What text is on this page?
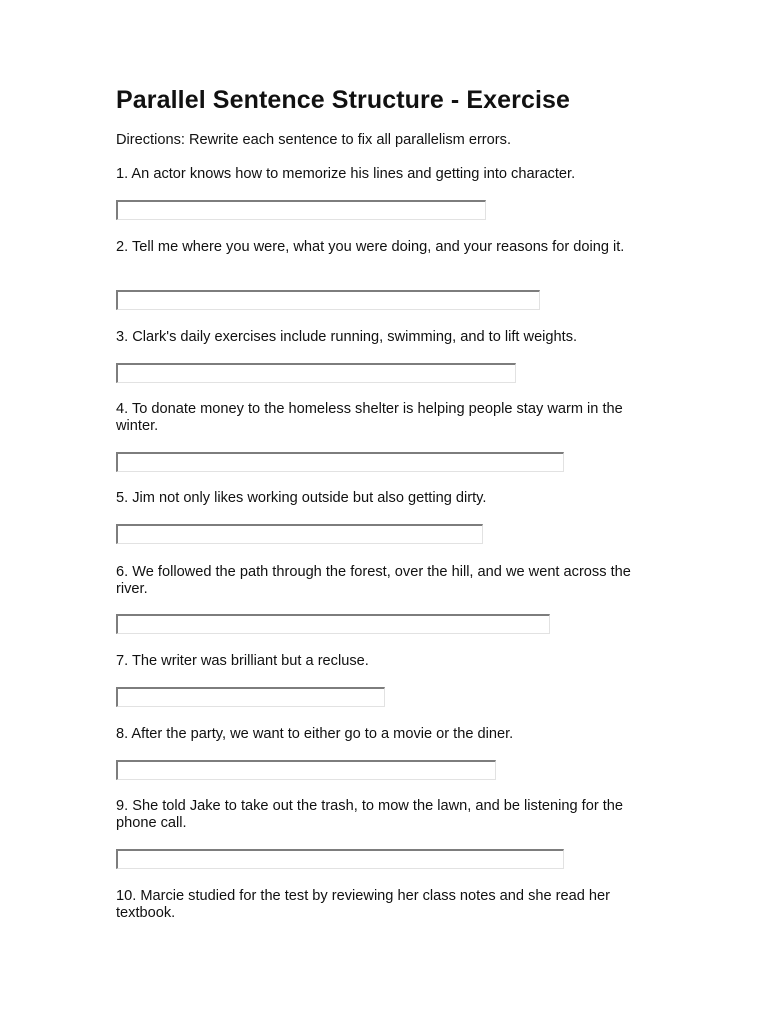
Parallel Sentence Structure - Exercise
Directions: Rewrite each sentence to fix all parallelism errors.
1. An actor knows how to memorize his lines and getting into character.
2. Tell me where you were, what you were doing, and your reasons for doing it.
3. Clark's daily exercises include running, swimming, and to lift weights.
4. To donate money to the homeless shelter is helping people stay warm in the winter.
5. Jim not only likes working outside but also getting dirty.
6. We followed the path through the forest, over the hill, and we went across the river.
7. The writer was brilliant but a recluse.
8. After the party, we want to either go to a movie or the diner.
9. She told Jake to take out the trash, to mow the lawn, and be listening for the phone call.
10. Marcie studied for the test by reviewing her class notes and she read her textbook.
